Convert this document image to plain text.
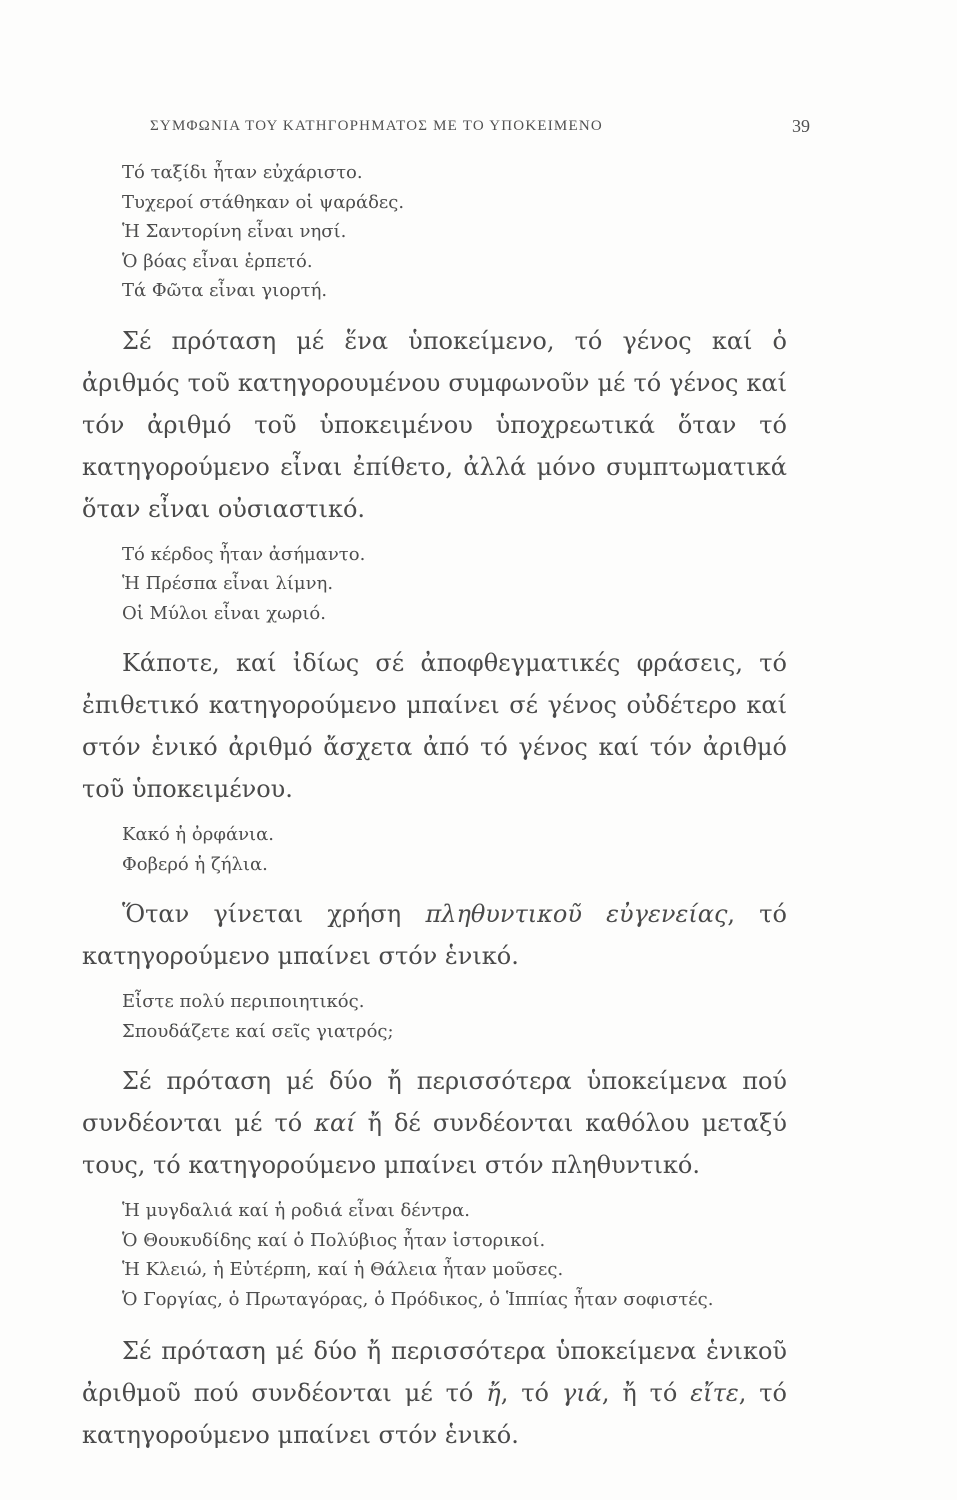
ΣΥΜΦΩΝΙΑ ΤΟΥ ΚΑΤΗΓΟΡΗΜΑΤΟΣ ΜΕ ΤΟ ΥΠΟΚΕΙΜΕΝΟ	39
Τό ταξίδι ἦταν εὐχάριστο.
Τυχεροί στάθηκαν οἱ ψαράδες.
Ἡ Σαντορίνη εἶναι νησί.
Ὁ βόας εἶναι ἑρπετό.
Τά Φῶτα εἶναι γιορτή.

Σέ πρόταση μέ ἕνα ὑποκείμενο, τό γένος καί ὁ ἀριθμός τοῦ κατηγορουμένου συμφωνοῦν μέ τό γένος καί τόν ἀριθμό τοῦ ὑποκειμένου ὑποχρεωτικά ὅταν τό κατηγορούμενο εἶναι ἐπίθετο, ἀλλά μόνο συμπτωματικά ὅταν εἶναι οὐσιαστικό.

Τό κέρδος ἦταν ἀσήμαντο.
Ἡ Πρέσπα εἶναι λίμνη.
Οἱ Μύλοι εἶναι χωριό.

Κάποτε, καί ἰδίως σέ ἀποφθεγματικές φράσεις, τό ἐπιθετικό κατηγορούμενο μπαίνει σέ γένος οὐδέτερο καί στόν ἑνικό ἀριθμό ἄσχετα ἀπό τό γένος καί τόν ἀριθμό τοῦ ὑποκειμένου.

Κακό ἡ ὀρφάνια.
Φοβερό ἡ ζήλια.

Ὅταν γίνεται χρήση πληθυντικοῦ εὐγενείας, τό κατηγορούμενο μπαίνει στόν ἑνικό.

Εἶστε πολύ περιποιητικός.
Σπουδάζετε καί σεῖς γιατρός;

Σέ πρόταση μέ δύο ἤ περισσότερα ὑποκείμενα πού συνδέονται μέ τό καί ἤ δέ συνδέονται καθόλου μεταξύ τους, τό κατηγορούμενο μπαίνει στόν πληθυντικό.

Ἡ μυγδαλιά καί ἡ ροδιά εἶναι δέντρα.
Ὁ Θουκυδίδης καί ὁ Πολύβιος ἦταν ἱστορικοί.
Ἡ Κλειώ, ἡ Εὐτέρπη, καί ἡ Θάλεια ἦταν μοῦσες.
Ὁ Γοργίας, ὁ Πρωταγόρας, ὁ Πρόδικος, ὁ Ἱππίας ἦταν σοφιστές.

Σέ πρόταση μέ δύο ἤ περισσότερα ὑποκείμενα ἑνικοῦ ἀριθμοῦ πού συνδέονται μέ τό ἤ, τό γιά, ἤ τό εἴτε, τό κατηγορούμενο μπαίνει στόν ἑνικό.
